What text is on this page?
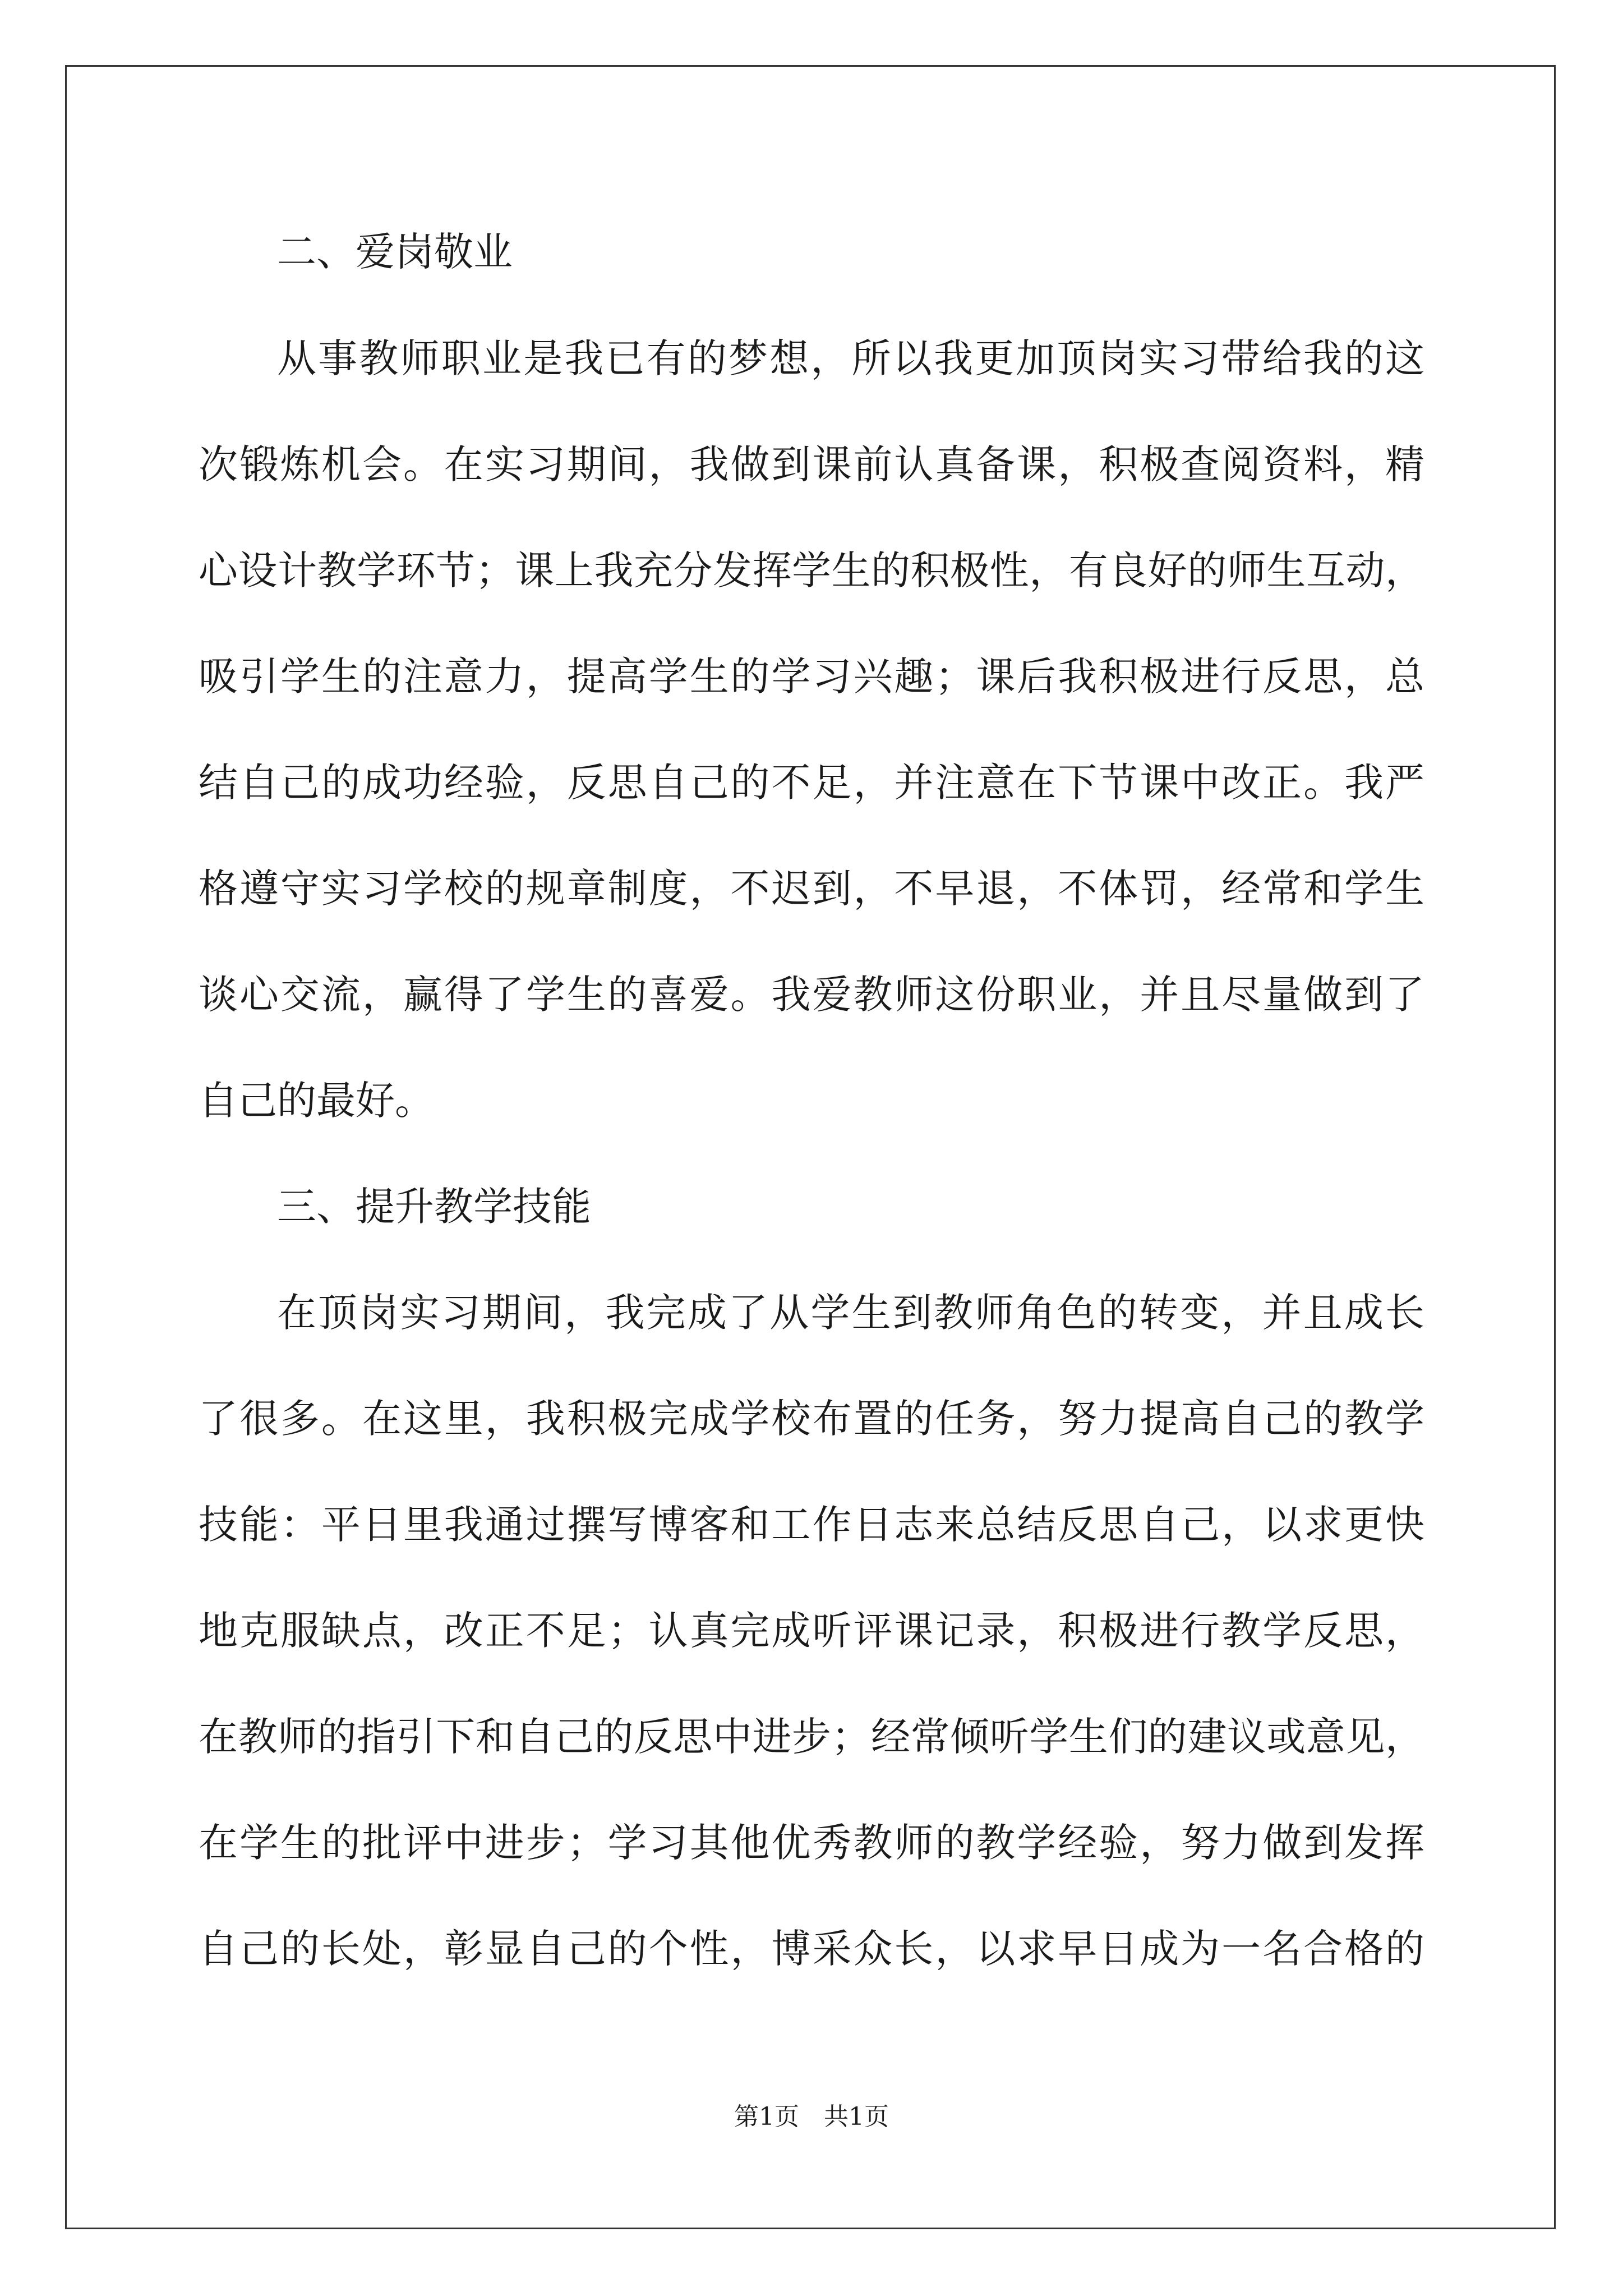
二、爱岗敬业
从事教师职业是我已有的梦想，所以我更加顶岗实习带给我的这
次锻炼机会。在实习期间，我做到课前认真备课，积极查阅资料，精
心设计教学环节；课上我充分发挥学生的积极性，有良好的师生互动，
吸引学生的注意力，提高学生的学习兴趣；课后我积极进行反思，总
结自己的成功经验，反思自己的不足，并注意在下节课中改正。我严
格遵守实习学校的规章制度，不迟到，不早退，不体罚，经常和学生
谈心交流，赢得了学生的喜爱。我爱教师这份职业，并且尽量做到了
自己的最好。
三、提升教学技能
在顶岗实习期间，我完成了从学生到教师角色的转变，并且成长
了很多。在这里，我积极完成学校布置的任务，努力提高自己的教学
技能：平日里我通过撰写博客和工作日志来总结反思自己，以求更快
地克服缺点，改正不足；认真完成听评课记录，积极进行教学反思，
在教师的指引下和自己的反思中进步；经常倾听学生们的建议或意见，
在学生的批评中进步；学习其他优秀教师的教学经验，努力做到发挥
自己的长处，彰显自己的个性，博采众长，以求早日成为一名合格的
第1页　共1页
